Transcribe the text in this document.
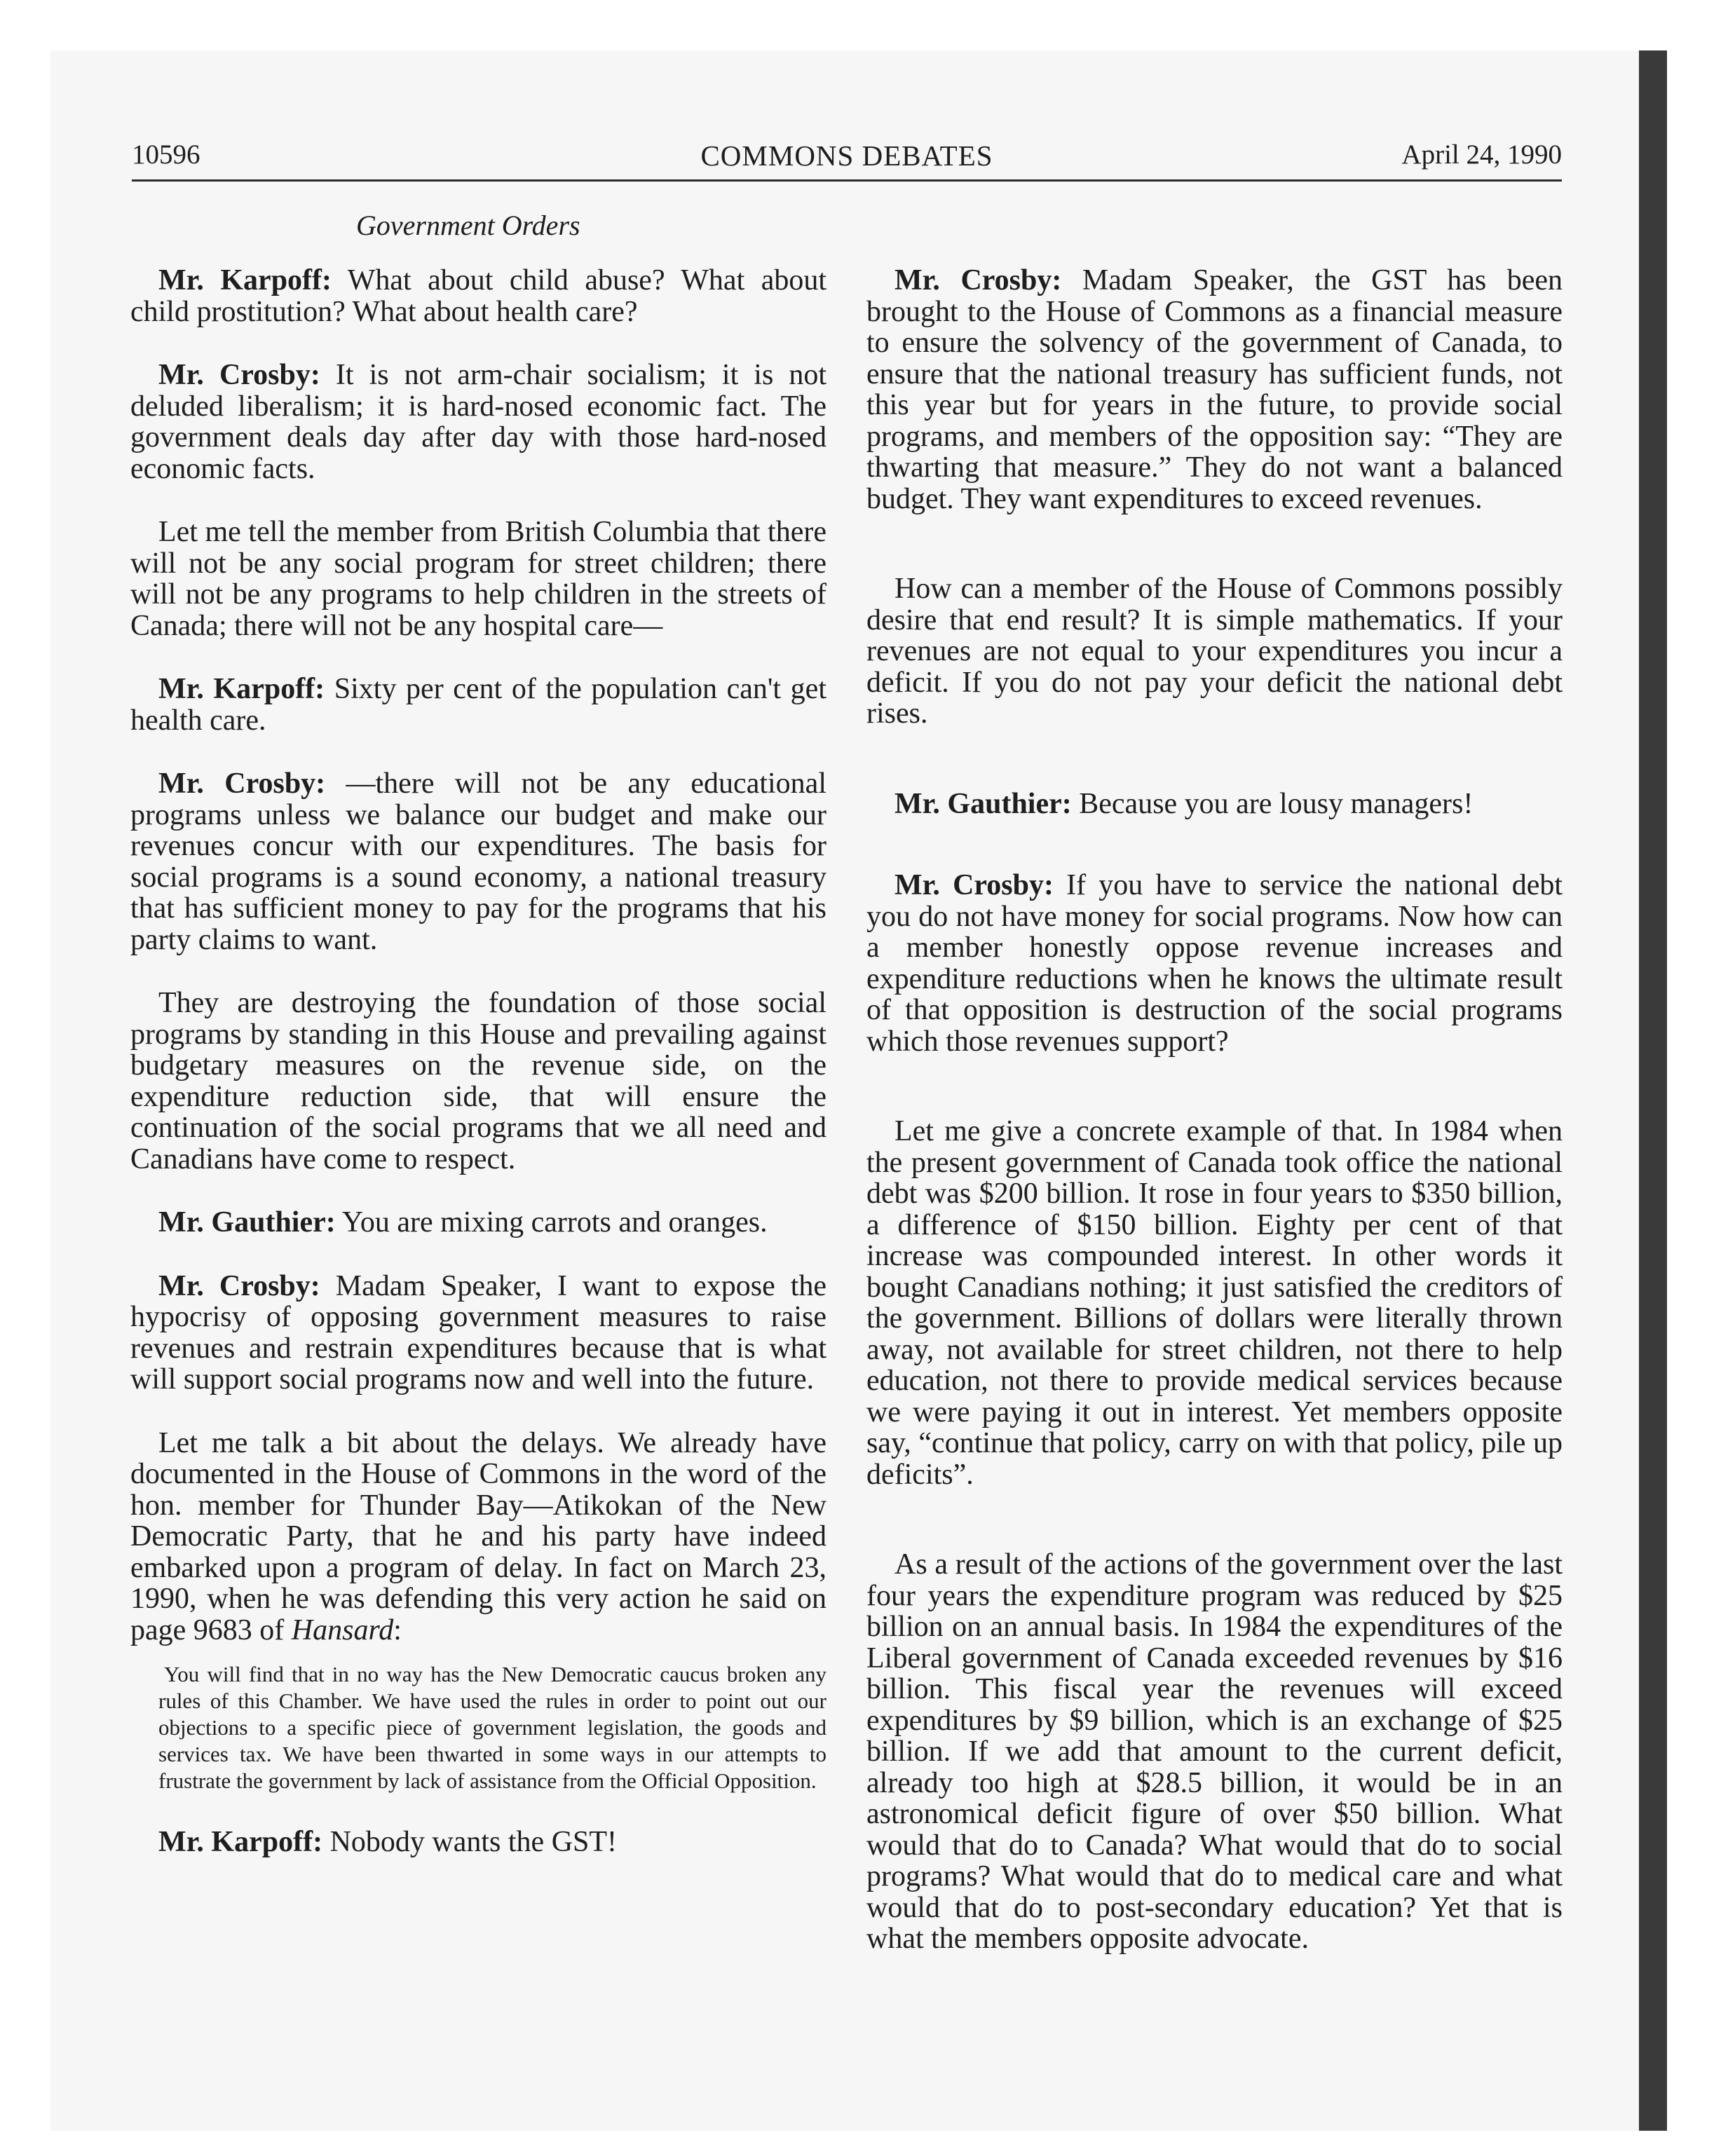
10596	COMMONS DEBATES	April 24, 1990
Government Orders

Mr. Karpoff: What about child abuse? What about child prostitution? What about health care?

Mr. Crosby: It is not arm-chair socialism; it is not deluded liberalism; it is hard-nosed economic fact. The government deals day after day with those hard-nosed economic facts.

Let me tell the member from British Columbia that there will not be any social program for street children; there will not be any programs to help children in the streets of Canada; there will not be any hospital care—

Mr. Karpoff: Sixty per cent of the population can't get health care.

Mr. Crosby: —there will not be any educational programs unless we balance our budget and make our revenues concur with our expenditures. The basis for social programs is a sound economy, a national treasury that has sufficient money to pay for the programs that his party claims to want.

They are destroying the foundation of those social programs by standing in this House and prevailing against budgetary measures on the revenue side, on the expenditure reduction side, that will ensure the continuation of the social programs that we all need and Canadians have come to respect.

Mr. Gauthier: You are mixing carrots and oranges.

Mr. Crosby: Madam Speaker, I want to expose the hypocrisy of opposing government measures to raise revenues and restrain expenditures because that is what will support social programs now and well into the future.

Let me talk a bit about the delays. We already have documented in the House of Commons in the word of the hon. member for Thunder Bay—Atikokan of the New Democratic Party, that he and his party have indeed embarked upon a program of delay. In fact on March 23, 1990, when he was defending this very action he said on page 9683 of Hansard:

You will find that in no way has the New Democratic caucus broken any rules of this Chamber. We have used the rules in order to point out our objections to a specific piece of government legislation, the goods and services tax. We have been thwarted in some ways in our attempts to frustrate the government by lack of assistance from the Official Opposition.

Mr. Karpoff: Nobody wants the GST!

Mr. Crosby: Madam Speaker, the GST has been brought to the House of Commons as a financial measure to ensure the solvency of the government of Canada, to ensure that the national treasury has sufficient funds, not this year but for years in the future, to provide social programs, and members of the opposition say: “They are thwarting that measure.” They do not want a balanced budget. They want expenditures to exceed revenues.

How can a member of the House of Commons possibly desire that end result? It is simple mathematics. If your revenues are not equal to your expenditures you incur a deficit. If you do not pay your deficit the national debt rises.

Mr. Gauthier: Because you are lousy managers!

Mr. Crosby: If you have to service the national debt you do not have money for social programs. Now how can a member honestly oppose revenue increases and expenditure reductions when he knows the ultimate result of that opposition is destruction of the social programs which those revenues support?

Let me give a concrete example of that. In 1984 when the present government of Canada took office the national debt was $200 billion. It rose in four years to $350 billion, a difference of $150 billion. Eighty per cent of that increase was compounded interest. In other words it bought Canadians nothing; it just satisfied the creditors of the government. Billions of dollars were literally thrown away, not available for street children, not there to help education, not there to provide medical services because we were paying it out in interest. Yet members opposite say, “continue that policy, carry on with that policy, pile up deficits”.

As a result of the actions of the government over the last four years the expenditure program was reduced by $25 billion on an annual basis. In 1984 the expenditures of the Liberal government of Canada exceeded revenues by $16 billion. This fiscal year the revenues will exceed expenditures by $9 billion, which is an exchange of $25 billion. If we add that amount to the current deficit, already too high at $28.5 billion, it would be in an astronomical deficit figure of over $50 billion. What would that do to Canada? What would that do to social programs? What would that do to medical care and what would that do to post-secondary education? Yet that is what the members opposite advocate.
